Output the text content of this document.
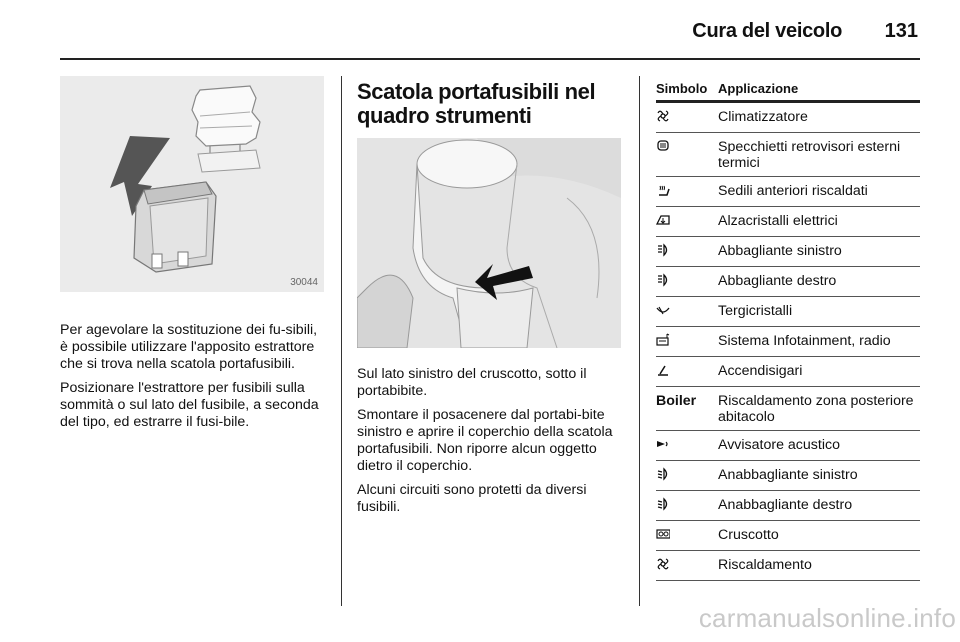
Cura del veicolo 131
30044

Per agevolare la sostituzione dei fu-sibili, è possibile utilizzare l'apposito estrattore che si trova nella scatola portafusibili.

Posizionare l'estrattore per fusibili sulla sommità o sul lato del fusibile, a seconda del tipo, ed estrarre il fusi-bile.

Scatola portafusibili nel quadro strumenti

Sul lato sinistro del cruscotto, sotto il portabibite.

Smontare il posacenere dal portabi-bite sinistro e aprire il coperchio della scatola portafusibili. Non riporre alcun oggetto dietro il coperchio.

Alcuni circuiti sono protetti da diversi fusibili.

Simbolo	Applicazione
	Climatizzatore
	Specchietti retrovisori esterni termici
	Sedili anteriori riscaldati
	Alzacristalli elettrici
	Abbagliante sinistro
	Abbagliante destro
	Tergicristalli
	Sistema Infotainment, radio
	Accendisigari
Boiler	Riscaldamento zona posteriore abitacolo
	Avvisatore acustico
	Anabbagliante sinistro
	Anabbagliante destro
	Cruscotto
	Riscaldamento
carmanualsonline.info
